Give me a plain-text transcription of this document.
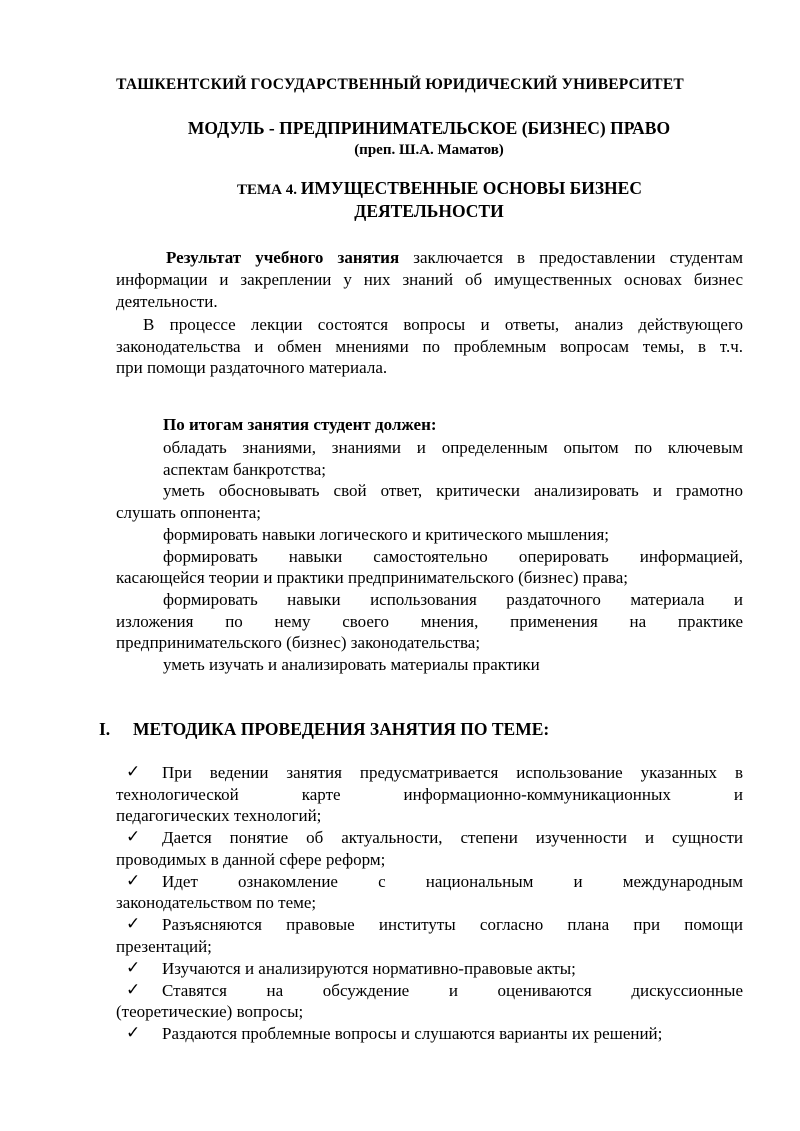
ТАШКЕНТСКИЙ ГОСУДАРСТВЕННЫЙ ЮРИДИЧЕСКИЙ УНИВЕРСИТЕТ
МОДУЛЬ - ПРЕДПРИНИМАТЕЛЬСКОЕ (БИЗНЕС) ПРАВО
(преп. Ш.А. Маматов)
ТЕМА 4. ИМУЩЕСТВЕННЫЕ ОСНОВЫ БИЗНЕС
ДЕЯТЕЛЬНОСТИ
Результат учебного занятия заключается в предоставлении студентам
информации и закреплении у них знаний об имущественных основах бизнес
деятельности.
В процессе лекции состоятся вопросы и ответы, анализ действующего
законодательства и обмен мнениями по проблемным вопросам темы, в т.ч.
при помощи раздаточного материала.
По итогам занятия студент должен:
обладать знаниями, знаниями и определенным опытом по ключевым
аспектам банкротства;
уметь обосновывать свой ответ, критически анализировать и грамотно
слушать оппонента;
формировать навыки логического и критического мышления;
формировать навыки самостоятельно оперировать информацией,
касающейся теории и практики предпринимательского (бизнес) права;
формировать навыки использования раздаточного материала и
изложения по нему своего мнения, применения на практике
предпринимательского (бизнес) законодательства;
уметь изучать и анализировать материалы практики
I. МЕТОДИКА ПРОВЕДЕНИЯ ЗАНЯТИЯ ПО ТЕМЕ:
✓ При ведении занятия предусматривается использование указанных в
технологической карте информационно-коммуникационных и
педагогических технологий;
✓ Дается понятие об актуальности, степени изученности и сущности
проводимых в данной сфере реформ;
✓ Идет ознакомление с национальным и международным
законодательством по теме;
✓ Разъясняются правовые институты согласно плана при помощи
презентаций;
✓ Изучаются и анализируются нормативно-правовые акты;
✓ Ставятся на обсуждение и оцениваются дискуссионные
(теоретические) вопросы;
✓ Раздаются проблемные вопросы и слушаются варианты их решений;
